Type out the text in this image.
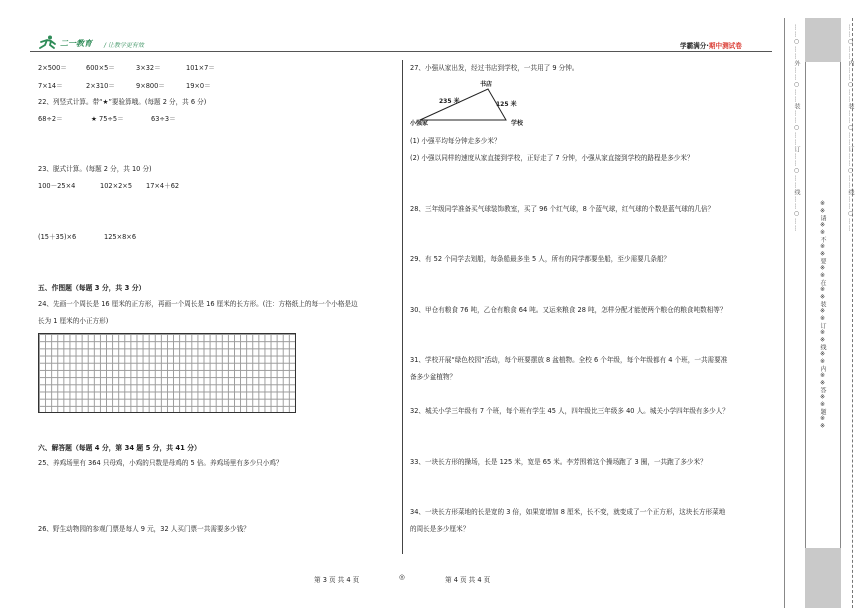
二一教育 / 让教学更有效	学霸满分·期中测试卷
2×500＝	600×5＝	3×32＝	101×7＝
7×14＝	2×310＝	9×800＝	19×0＝
22、列竖式计算。带“★”要验算哦。(每题 2 分，共 6 分)
68÷2＝	★ 75÷5＝	63÷3＝
23、脱式计算。(每题 2 分，共 10 分)
100－25×4	102×2×5 17×4＋62
(15＋35)×6	125×8×6
五、作图题（每题 3 分，共 3 分）
24、先画一个周长是 16 厘米的正方形，再画一个周长是 16 厘米的长方形。(注：方格纸上的每一个小格是边
长为 1 厘米的小正方形)
六、解答题（每题 4 分，第 34 题 5 分，共 41 分）
25、养鸡场里有 364 只母鸡，小鸡的只数是母鸡的 5 倍。养鸡场里有多少只小鸡？
26、野生动物园的参观门票是每人 9 元，32 人买门票一共需要多少钱？
27、小强从家出发，经过书店到学校，一共用了 9 分钟。
书店
235 米	125 米
小强家	学校
(1) 小强平均每分钟走多少米？
(2) 小强以同样的速度从家直接到学校，正好走了 7 分钟，小强从家直接到学校的路程是多少米？
28、三年级同学准备买气球装饰教室，买了 96 个红气球，8 个蓝气球，红气球的个数是蓝气球的几倍？
29、有 52 个同学去划船，每条船最多坐 5 人，所有的同学都要坐船，至少需要几条船？
30、甲仓有粮食 76 吨，乙仓有粮食 64 吨。又运来粮食 28 吨，怎样分配才能使两个粮仓的粮食吨数相等？
31、学校开展“绿色校园”活动，每个班要摆放 8 盆植物。全校 6 个年级，每个年级都有 4 个班，一共需要准
备多少盆植物？
32、城关小学三年级有 7 个班，每个班有学生 45 人，四年级比三年级多 40 人。城关小学四年级有多少人？
33、一块长方形的操场，长是 125 米，宽是 65 米。李芳围着这个操场跑了 3 圈，一共跑了多少米？
34、一块长方形菜地的长是宽的 3 倍，如果宽增加 8 厘米，长不变，就变成了一个正方形，这块长方形菜地
的周长是多少厘米？
第 3 页 共 4 页	◎	第 4 页 共 4 页
……○……外……○……装……○……订……○……线……○……
※※请※※不※※要※※在※※装※※订※※线※※内※※答※※题※※
……○……内……○……装……○……订……○……线……○……
